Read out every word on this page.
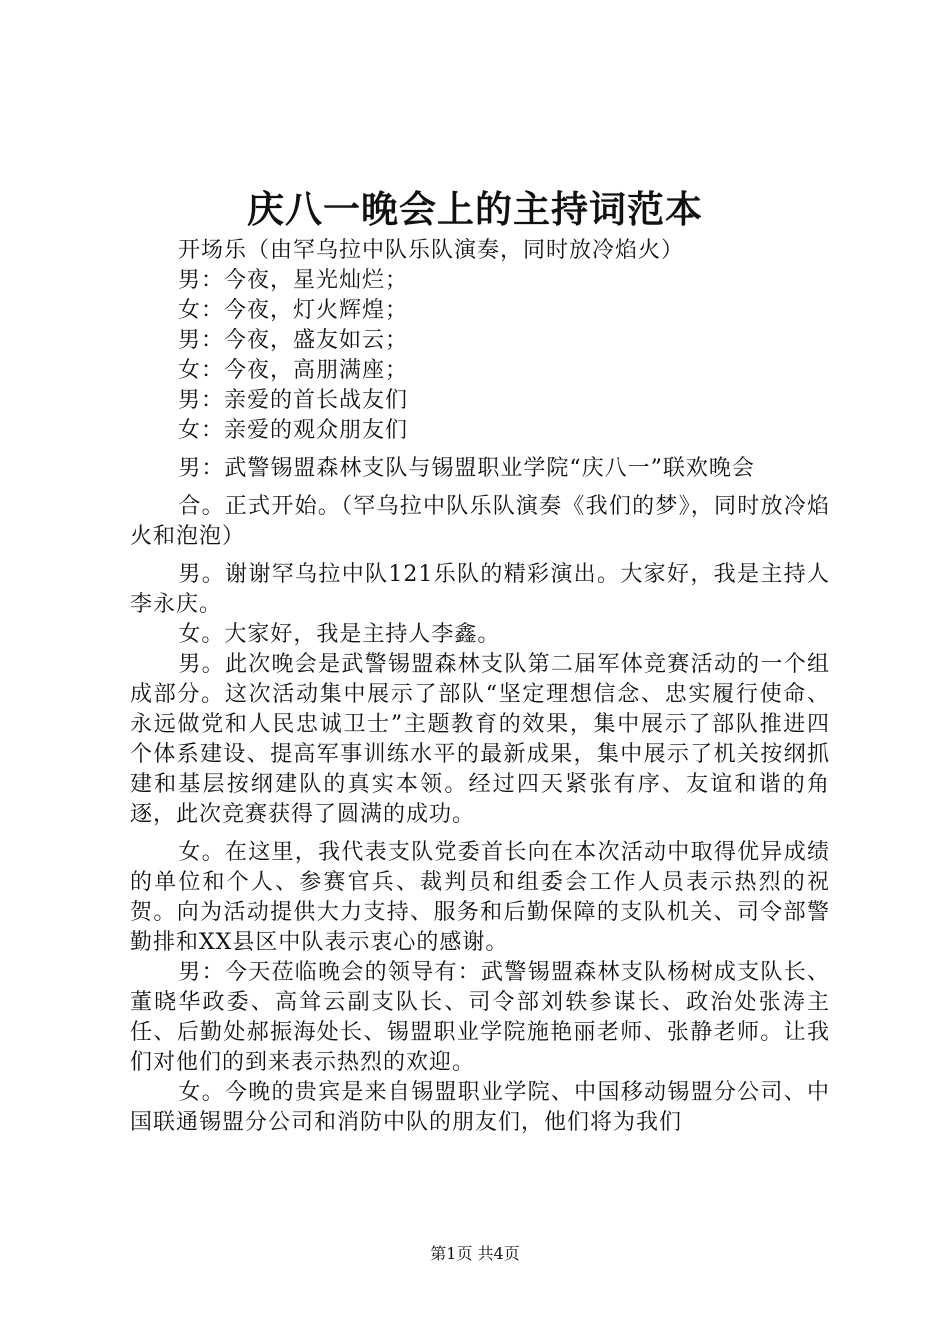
庆八一晚会上的主持词范本
开场乐（由罕乌拉中队乐队演奏，同时放冷焰火）
男：今夜，星光灿烂；
女：今夜，灯火辉煌；
男：今夜，盛友如云；
女：今夜，高朋满座；
男：亲爱的首长战友们
女：亲爱的观众朋友们
男：武警锡盟森林支队与锡盟职业学院“庆八一”联欢晚会
合。正式开始。（罕乌拉中队乐队演奏《我们的梦》，同时放冷焰火和泡泡）
男。谢谢罕乌拉中队121乐队的精彩演出。大家好，我是主持人李永庆。
女。大家好，我是主持人李鑫。
男。此次晚会是武警锡盟森林支队第二届军体竞赛活动的一个组成部分。这次活动集中展示了部队“坚定理想信念、忠实履行使命、永远做党和人民忠诚卫士”主题教育的效果，集中展示了部队推进四个体系建设、提高军事训练水平的最新成果，集中展示了机关按纲抓建和基层按纲建队的真实本领。经过四天紧张有序、友谊和谐的角逐，此次竞赛获得了圆满的成功。
女。在这里，我代表支队党委首长向在本次活动中取得优异成绩的单位和个人、参赛官兵、裁判员和组委会工作人员表示热烈的祝贺。向为活动提供大力支持、服务和后勤保障的支队机关、司令部警勤排和XX县区中队表示衷心的感谢。
男：今天莅临晚会的领导有：武警锡盟森林支队杨树成支队长、董晓华政委、高耸云副支队长、司令部刘轶参谋长、政治处张涛主任、后勤处郝振海处长、锡盟职业学院施艳丽老师、张静老师。让我们对他们的到来表示热烈的欢迎。
女。今晚的贵宾是来自锡盟职业学院、中国移动锡盟分公司、中国联通锡盟分公司和消防中队的朋友们，他们将为我们
第1页 共4页
